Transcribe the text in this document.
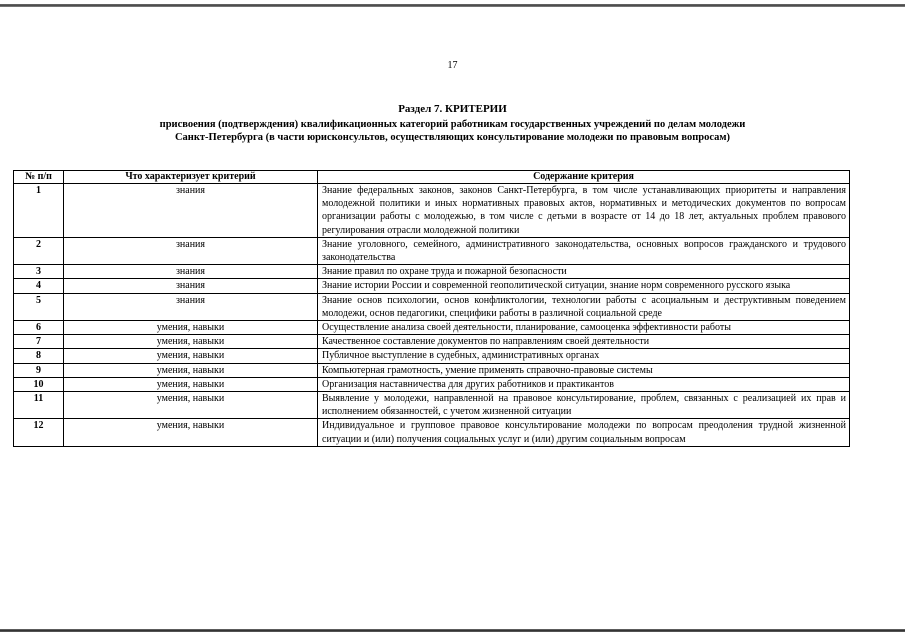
17
Раздел 7. КРИТЕРИИ
присвоения (подтверждения) квалификационных категорий работникам государственных учреждений по делам молодежи
Санкт-Петербурга (в части юрисконсультов, осуществляющих консультирование молодежи по правовым вопросам)
№ п/п	Что характеризует критерий	Содержание критерия
1	знания	Знание федеральных законов, законов Санкт-Петербурга, в том числе устанавливающих приоритеты и направления молодежной политики и иных нормативных правовых актов, нормативных и методических документов по вопросам организации работы с молодежью, в том числе с детьми в возрасте от 14 до 18 лет, актуальных проблем правового регулирования отрасли молодежной политики
2	знания	Знание уголовного, семейного, административного законодательства, основных вопросов гражданского и трудового законодательства
3	знания	Знание правил по охране труда и пожарной безопасности
4	знания	Знание истории России и современной геополитической ситуации, знание норм современного русского языка
5	знания	Знание основ психологии, основ конфликтологии, технологии работы с асоциальным и деструктивным поведением молодежи, основ педагогики, специфики работы в различной социальной среде
6	умения, навыки	Осуществление анализа своей деятельности, планирование, самооценка эффективности работы
7	умения, навыки	Качественное составление документов по направлениям своей деятельности
8	умения, навыки	Публичное выступление в судебных, административных органах
9	умения, навыки	Компьютерная грамотность, умение применять справочно-правовые системы
10	умения, навыки	Организация наставничества для других работников и практикантов
11	умения, навыки	Выявление у молодежи, направленной на правовое консультирование, проблем, связанных с реализацией их прав и исполнением обязанностей, с учетом жизненной ситуации
12	умения, навыки	Индивидуальное и групповое правовое консультирование молодежи по вопросам преодоления трудной жизненной ситуации и (или) получения социальных услуг и (или) другим социальным вопросам
